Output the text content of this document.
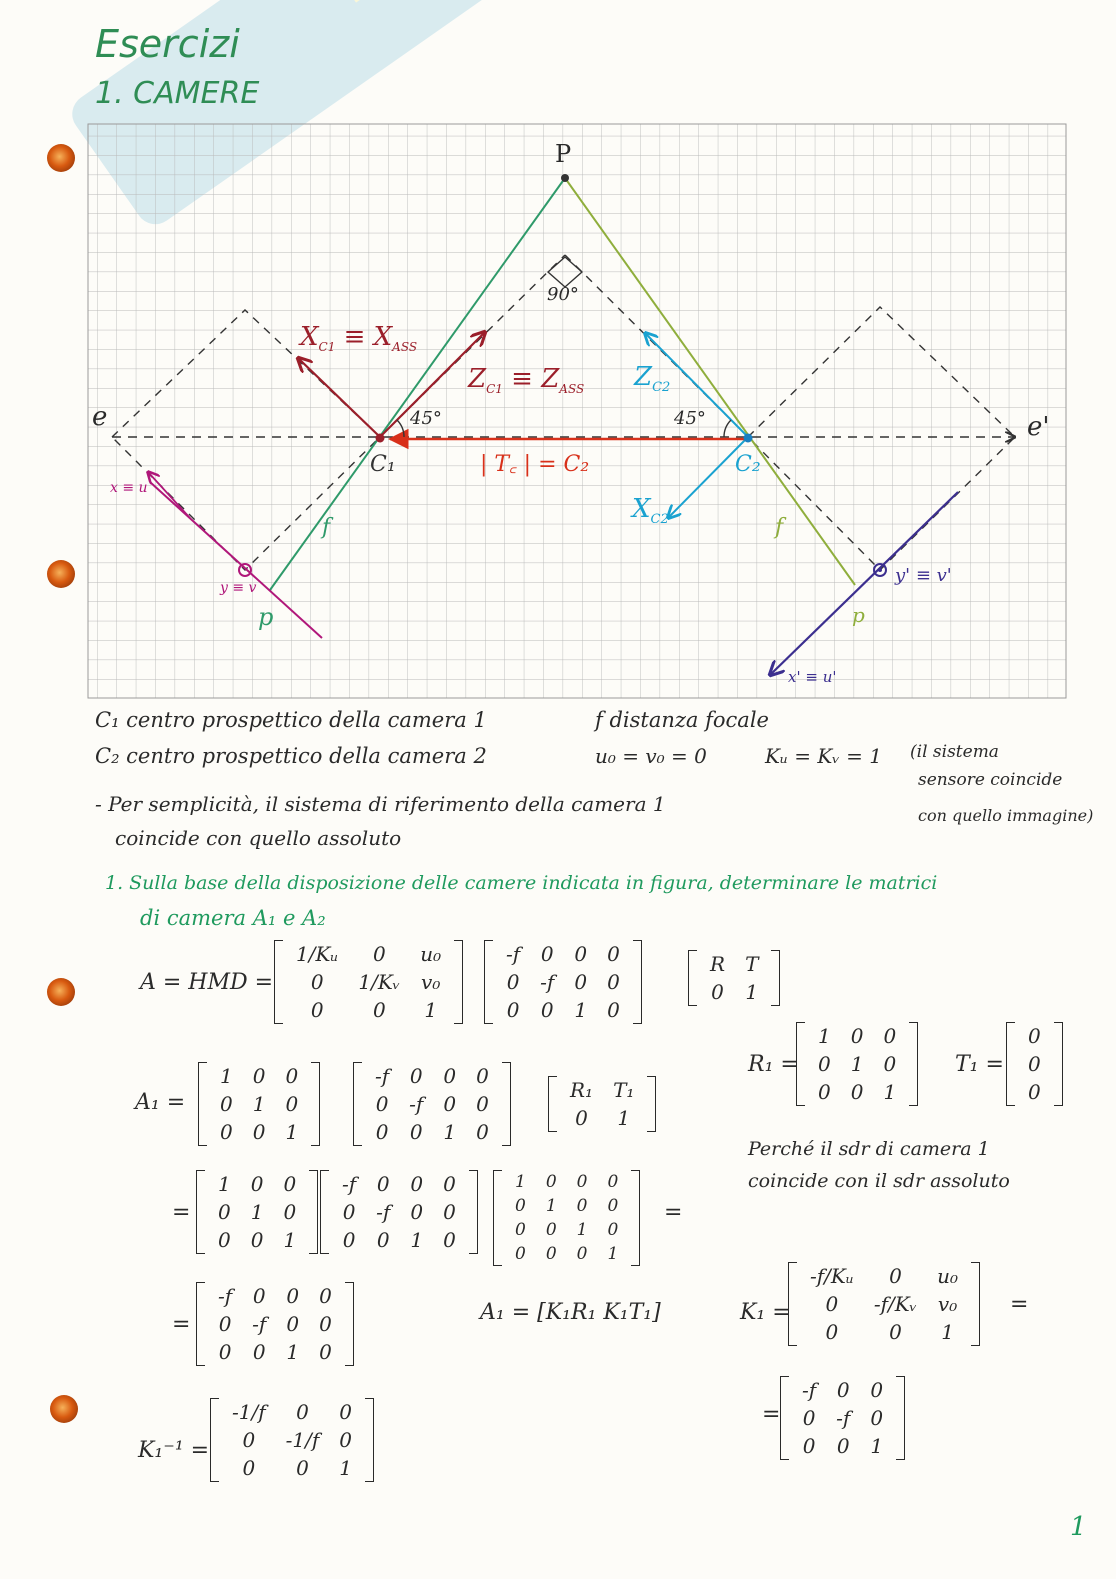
Esercizi
1. CAMERE
P
90°
e	e'
$X_{C1} \equiv X_{ASS}$
$Z_{C1} \equiv Z_{ASS}$ $Z_{C2}$
$X_{C2}$
45°	45°
C₁	C₂
| T꜀ | = C₂
x ≡ u
y ≡ v
p
f	f
p
y' ≡ v'
x' ≡ u'
C₁ centro prospettico della camera 1
C₂ centro prospettico della camera 2
f distanza focale
u₀ = v₀ = 0	Kᵤ = Kᵥ = 1 (il sistema
sensore coincide
con quello immagine)
- Per semplicità, il sistema di riferimento della camera 1
coincide con quello assoluto
1. Sulla base della disposizione delle camere indicata in figura, determinare le matrici
di camera A₁ e A₂
A = HMD =
1/Kᵤ	0	u₀
0	1/Kᵥ	v₀
0	0	1
-f	0	0	0
0	-f	0	0
0	0	1	0
R	T
0	1
R₁ =
1	0	0
0	1	0
0	0	1
T₁ =
0
0
0
A₁ =
1	0	0
0	1	0
0	0	1
-f	0	0	0
0	-f	0	0
0	0	1	0
R₁	T₁
0	1
Perché il sdr di camera 1
coincide con il sdr assoluto
=
1	0	0
0	1	0
0	0	1
-f	0	0	0
0	-f	0	0
0	0	1	0
1	0	0	0
0	1	0	0
0	0	1	0
0	0	0	1
=
=
-f	0	0	0
0	-f	0	0
0	0	1	0
A₁ = [K₁R₁ K₁T₁]	K₁ =
-f/Kᵤ	0	u₀
0	-f/Kᵥ	v₀
0	0	1
=
=
-f	0	0
0	-f	0
0	0	1
K₁⁻¹ =
-1/f	0	0
0	-1/f	0
0	0	1
1
